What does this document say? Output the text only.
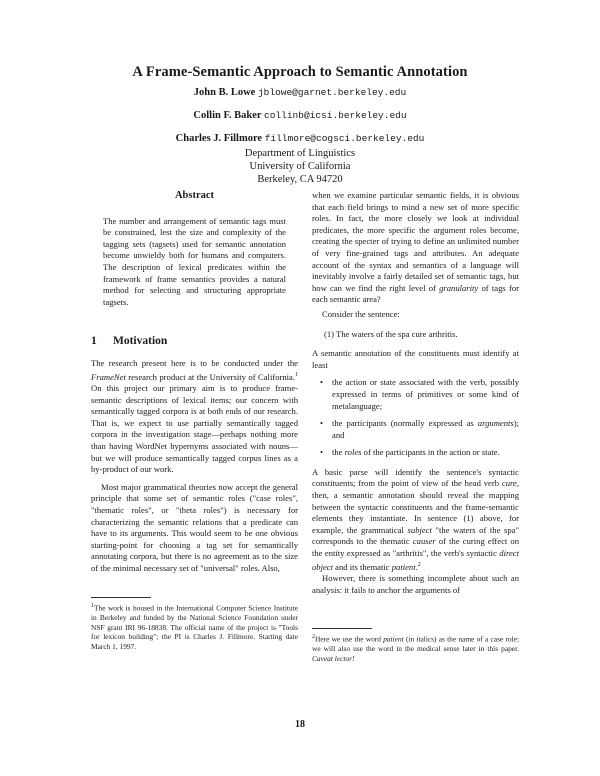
A Frame-Semantic Approach to Semantic Annotation
John B. Lowe jblowe@garnet.berkeley.edu
Collin F. Baker collinb@icsi.berkeley.edu
Charles J. Fillmore fillmore@cogsci.berkeley.edu
Department of Linguistics
University of California
Berkeley, CA 94720

Abstract

The number and arrangement of semantic tags must be constrained, lest the size and complexity of the tagging sets (tagsets) used for semantic annotation become unwieldy both for humans and computers. The description of lexical predicates within the framework of frame semantics provides a natural method for selecting and structuring appropriate tagsets.

1 Motivation

The research present here is to be conducted under the FrameNet research product at the University of California.$^1$ On this project our primary aim is to produce frame-semantic descriptions of lexical items; our concern with semantically tagged corpora is at both ends of our research. That is, we expect to use partially semantically tagged corpora in the investigation stage—perhaps nothing more than having WordNet hypernyms associated with nouns—but we will produce semantically tagged corpus lines as a by-product of our work.

Most major grammatical theories now accept the general principle that some set of semantic roles ("case roles", "thematic roles", or "theta roles") is necessary for characterizing the semantic relations that a predicate can have to its arguments. This would seem to be one obvious starting-point for choosing a tag set for semantically annotating corpora, but there is no agreement as to the size of the minimal necessary set of "universal" roles. Also,

when we examine particular semantic fields, it is obvious that each field brings to mind a new set of more specific roles. In fact, the more closely we look at individual predicates, the more specific the argument roles become, creating the specter of trying to define an unlimited number of very fine-grained tags and attributes. An adequate account of the syntax and semantics of a language will inevitably involve a fairly detailed set of semantic tags, but how can we find the right level of granularity of tags for each semantic area?

Consider the sentence:

(1) The waters of the spa cure arthritis.

A semantic annotation of the constituents must identify at least

• the action or state associated with the verb, possibly expressed in terms of primitives or some kind of metalanguage;
• the participants (normally expressed as arguments); and
• the roles of the participants in the action or state.

A basic parse will identify the sentence's syntactic constituents; from the point of view of the head verb cure, then, a semantic annotation should reveal the mapping between the syntactic constituents and the frame-semantic elements they instantiate. In sentence (1) above, for example, the grammatical subject "the waters of the spa" corresponds to the thematic causer of the curing effect on the entity expressed as "arthritis", the verb's syntactic direct object and its thematic patient.$^2$

However, there is something incomplete about such an analysis: it fails to anchor the arguments of

$^1$The work is housed in the International Computer Science Institute in Berkeley and funded by the National Science Foundation under NSF grant IRI 96-18838. The official name of the project is "Tools for lexicon building"; the PI is Charles J. Fillmore. Starting date March 1, 1997.
$^2$Here we use the word patient (in italics) as the name of a case role; we will also use the word in the medical sense later in this paper. Caveat lector!
18
